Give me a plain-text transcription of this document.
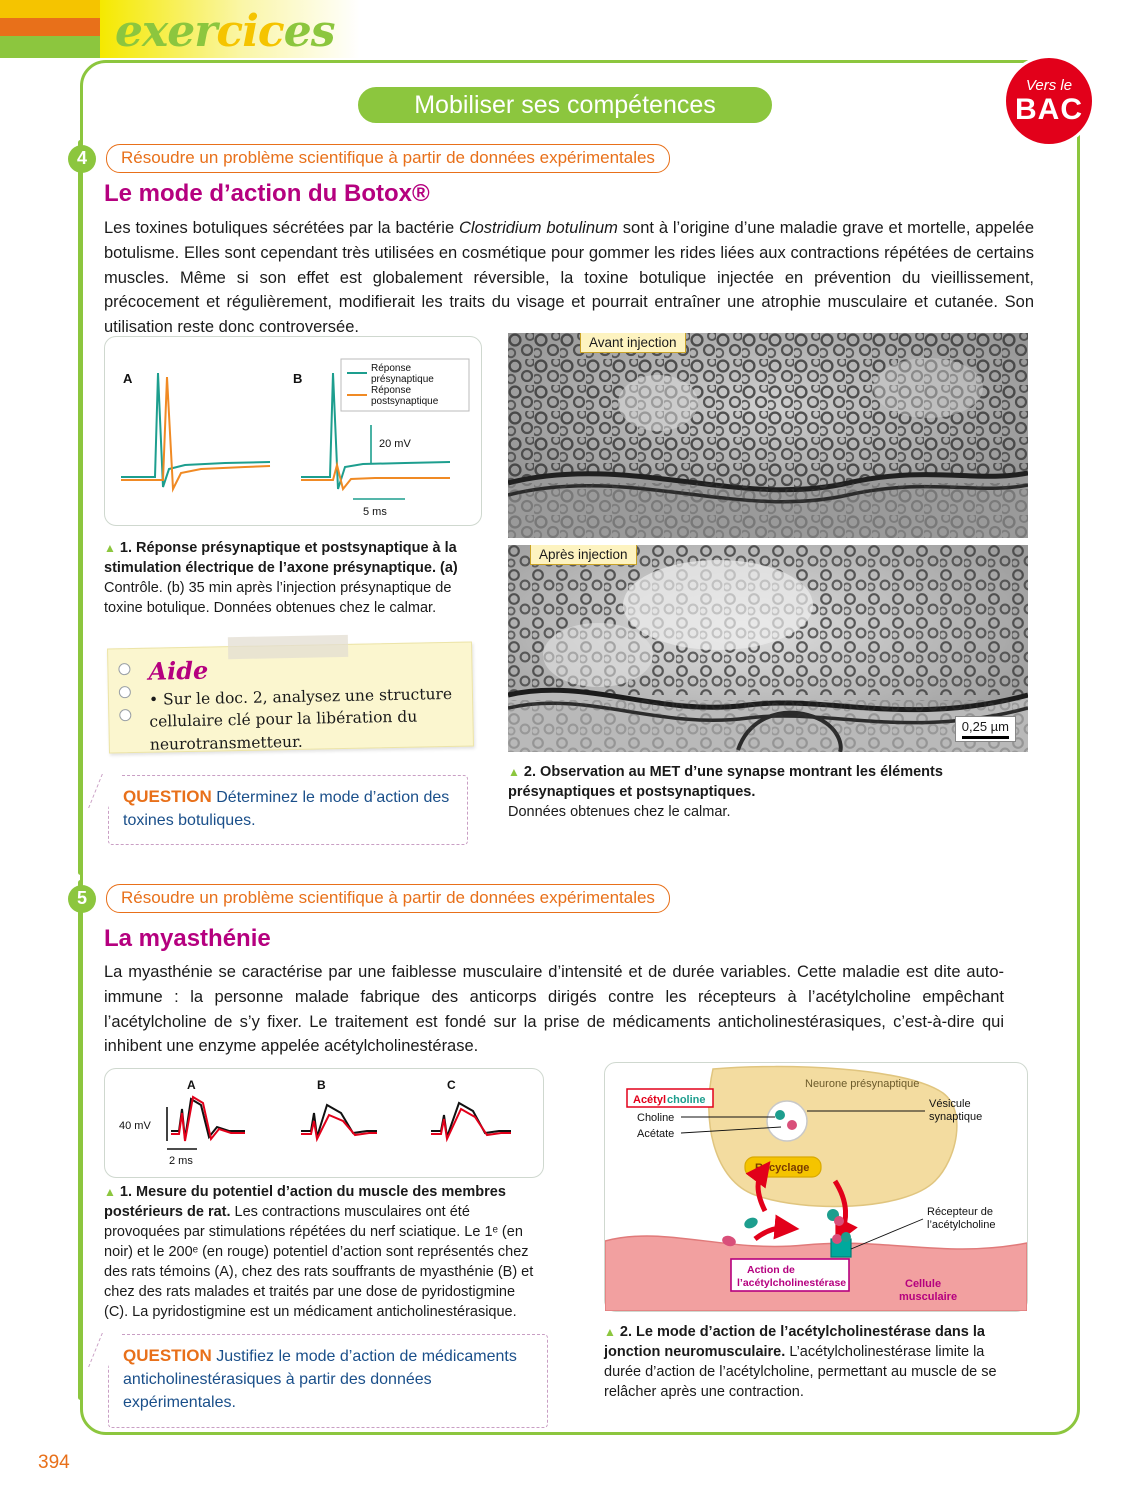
exercices
Mobiliser ses compétences
Vers le
BAC
4	Résoudre un problème scientifique à partir de données expérimentales
Le mode d’action du Botox®
Les toxines botuliques sécrétées par la bactérie Clostridium botulinum sont à l’origine d’une maladie grave et mortelle, appelée botulisme. Elles sont cependant très utilisées en cosmétique pour gommer les rides liées aux contractions répétées de certains muscles. Même si son effet est globalement réversible, la toxine botulique injectée en prévention du vieillissement, précocement et régulièrement, modifierait les traits du visage et pourrait entraîner une atrophie musculaire et cutanée. Son utilisation reste donc controversée.
A	B
Réponse
présynaptique
Réponse
postsynaptique
20 mV
5 ms
▲ 1. Réponse présynaptique et postsynaptique à la stimulation électrique de l’axone présynaptique. (a) Contrôle. (b) 35 min après l’injection présynaptique de toxine botulique. Données obtenues chez le calmar.
Aide
• Sur le doc. 2, analysez une structure cellulaire clé pour la libération du neurotransmetteur.
QUESTION Déterminez le mode d’action des toxines botuliques.
Avant injection
Après injection
0,25 µm
▲ 2. Observation au MET d’une synapse montrant les éléments présynaptiques et postsynaptiques.
Données obtenues chez le calmar.
5	Résoudre un problème scientifique à partir de données expérimentales
La myasthénie
La myasthénie se caractérise par une faiblesse musculaire d’intensité et de durée variables. Cette maladie est dite auto-immune : la personne malade fabrique des anticorps dirigés contre les récepteurs à l’acétylcholine empêchant l’acétylcholine de s’y fixer. Le traitement est fondé sur la prise de médicaments anticholinestérasiques, c’est-à-dire qui inhibent une enzyme appelée acétylcholinestérase.
A	B	C
40 mV
2 ms
▲ 1. Mesure du potentiel d’action du muscle des membres postérieurs de rat. Les contractions musculaires ont été provoquées par stimulations répétées du nerf sciatique. Le 1ᵉ (en noir) et le 200ᵉ (en rouge) potentiel d’action sont représentés chez des rats témoins (A), chez des rats souffrants de myasthénie (B) et chez des rats malades et traités par une dose de pyridostigmine (C). La pyridostigmine est un médicament anticholinestérasique.
QUESTION Justifiez le mode d’action de médicaments anticholinestérasiques à partir des données expérimentales.
Neurone présynaptique
Cellule
musculaire
Acétyl choline
Choline
Acétate
Recyclage
Action de
l’acétylcholinestérase
Vésicule
synaptique
Récepteur de
l’acétylcholine
▲ 2. Le mode d’action de l’acétylcholinestérase dans la jonction neuromusculaire. L’acétylcholinestérase limite la durée d’action de l’acétylcholine, permettant au muscle de se relâcher après une contraction.
394
